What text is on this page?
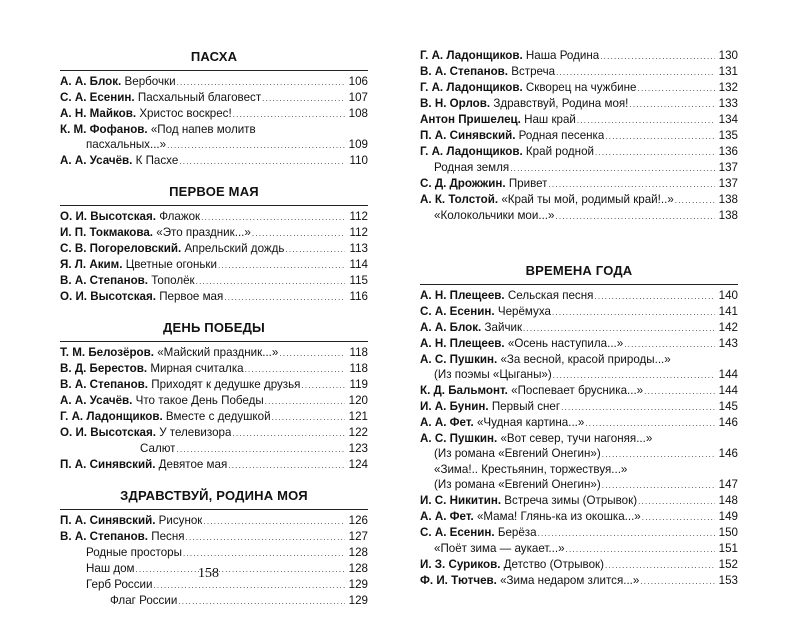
ПАСХА
А. А. Блок. Вербочки . . .	106
С. А. Есенин. Пасхальный благовест . . .	107
А. Н. Майков. Христос воскрес! . . .	108
К. М. Фофанов. «Под напев молитв
пасхальных...» . . .	109
А. А. Усачёв. К Пасхе . . .	110
ПЕРВОЕ МАЯ
О. И. Высотская. Флажок . . .	112
И. П. Токмакова. «Это праздник...» . . .	112
С. В. Погореловский. Апрельский дождь . . .	113
Я. Л. Аким. Цветные огоньки . . .	114
В. А. Степанов. Тополёк . . .	115
О. И. Высотская. Первое мая . . .	116
ДЕНЬ ПОБЕДЫ
Т. М. Белозёров. «Майский праздник...» . . .	118
В. Д. Берестов. Мирная считалка . . .	118
В. А. Степанов. Приходят к дедушке друзья . . .	119
А. А. Усачёв. Что такое День Победы . . .	120
Г. А. Ладонщиков. Вместе с дедушкой . . .	121
О. И. Высотская. У телевизора . . .	122
Салют . . .	123
П. А. Синявский. Девятое мая . . .	124
ЗДРАВСТВУЙ, РОДИНА МОЯ
П. А. Синявский. Рисунок . . .	126
В. А. Степанов. Песня . . .	127
Родные просторы . . .	128
Наш дом . . .	128
Герб России . . .	129
Флаг России . . .	129
Г. А. Ладонщиков. Наша Родина . . .	130
В. А. Степанов. Встреча . . .	131
Г. А. Ладонщиков. Скворец на чужбине . . .	132
В. Н. Орлов. Здравствуй, Родина моя! . . .	133
Антон Пришелец. Наш край . . .	134
П. А. Синявский. Родная песенка . . .	135
Г. А. Ладонщиков. Край родной . . .	136
Родная земля . . .	137
С. Д. Дрожжин. Привет . . .	137
А. К. Толстой. «Край ты мой, родимый край!..» . . .	138
«Колокольчики мои...» . . .	138
ВРЕМЕНА ГОДА
А. Н. Плещеев. Сельская песня . . .	140
С. А. Есенин. Черёмуха . . .	141
А. А. Блок. Зайчик . . .	142
А. Н. Плещеев. «Осень наступила...» . . .	143
А. С. Пушкин. «За весной, красой природы...»
(Из поэмы «Цыганы») . . .	144
К. Д. Бальмонт. «Поспевает брусника...» . . .	144
И. А. Бунин. Первый снег . . .	145
А. А. Фет. «Чудная картина...» . . .	146
А. С. Пушкин. «Вот север, тучи нагоняя...»
(Из романа «Евгений Онегин») . . .	146
«Зима!.. Крестьянин, торжествуя...»
(Из романа «Евгений Онегин») . . .	147
И. С. Никитин. Встреча зимы (Отрывок) . . .	148
А. А. Фет. «Мама! Глянь-ка из окошка...» . . .	149
С. А. Есенин. Берёза . . .	150
«Поёт зима — аукает...» . . .	151
И. З. Суриков. Детство (Отрывок) . . .	152
Ф. И. Тютчев. «Зима недаром злится...» . . .	153
158
